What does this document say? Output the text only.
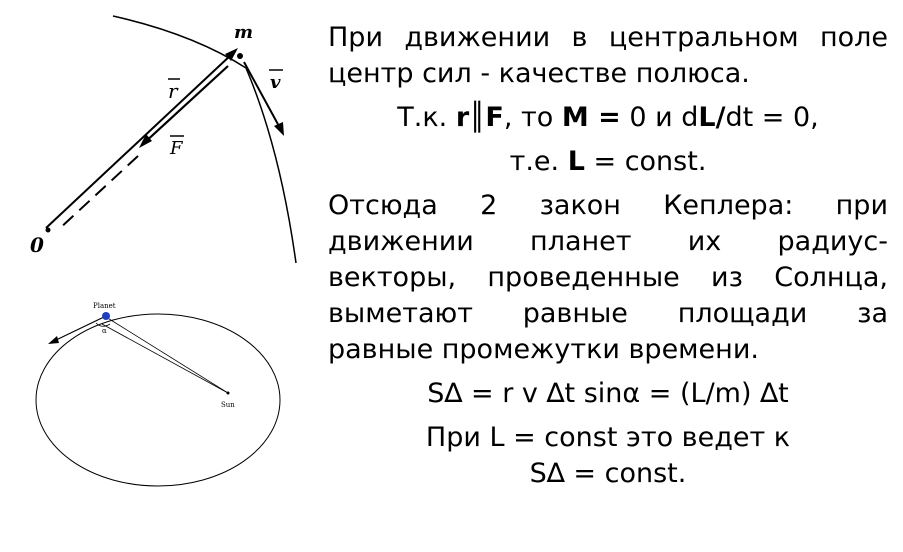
m
r	v
F
0
Planet
α
Sun

При движении в центральном поле

центр сил - качестве полюса.

Т.к. r║F, то M = 0 и dL/dt = 0,

т.е. L = const.

Отсюда 2 закон Кеплера: при

движении планет их радиус-

векторы, проведенные из Солнца,

выметают равные площади за

равные промежутки времени.

S∆ = r v ∆t sinα = (L/m) ∆t

При L = const это ведет к

S∆ = const.
